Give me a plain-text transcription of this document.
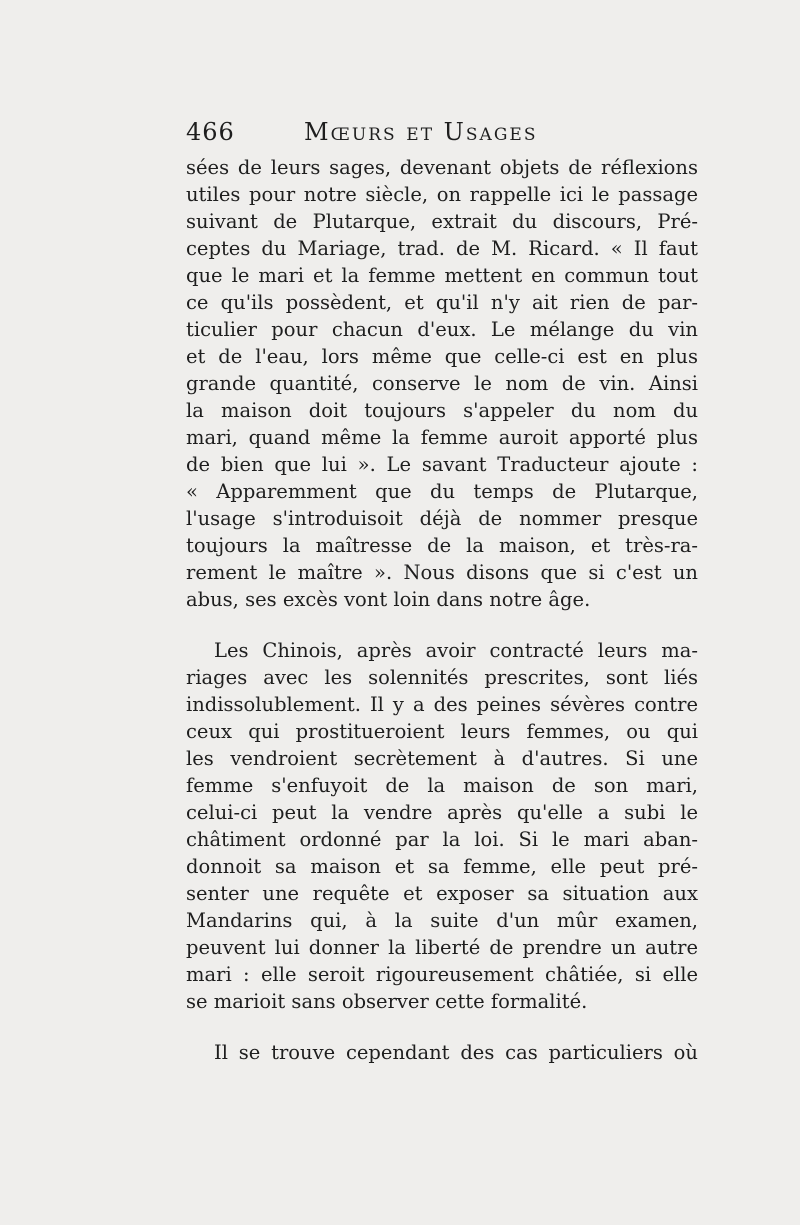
466	Mœurs et Usages
sées de leurs sages, devenant objets de réflexions
utiles pour notre siècle, on rappelle ici le passage
suivant de Plutarque, extrait du discours, Pré-
ceptes du Mariage, trad. de M. Ricard. « Il faut
que le mari et la femme mettent en commun tout
ce qu'ils possèdent, et qu'il n'y ait rien de par-
ticulier pour chacun d'eux. Le mélange du vin
et de l'eau, lors même que celle-ci est en plus
grande quantité, conserve le nom de vin. Ainsi
la maison doit toujours s'appeler du nom du
mari, quand même la femme auroit apporté plus
de bien que lui ». Le savant Traducteur ajoute :
« Apparemment que du temps de Plutarque,
l'usage s'introduisoit déjà de nommer presque
toujours la maîtresse de la maison, et très-ra-
rement le maître ». Nous disons que si c'est un
abus, ses excès vont loin dans notre âge.
Les Chinois, après avoir contracté leurs ma-
riages avec les solennités prescrites, sont liés
indissolublement. Il y a des peines sévères contre
ceux qui prostitueroient leurs femmes, ou qui
les vendroient secrètement à d'autres. Si une
femme s'enfuyoit de la maison de son mari,
celui-ci peut la vendre après qu'elle a subi le
châtiment ordonné par la loi. Si le mari aban-
donnoit sa maison et sa femme, elle peut pré-
senter une requête et exposer sa situation aux
Mandarins qui, à la suite d'un mûr examen,
peuvent lui donner la liberté de prendre un autre
mari : elle seroit rigoureusement châtiée, si elle
se marioit sans observer cette formalité.
Il se trouve cependant des cas particuliers où
